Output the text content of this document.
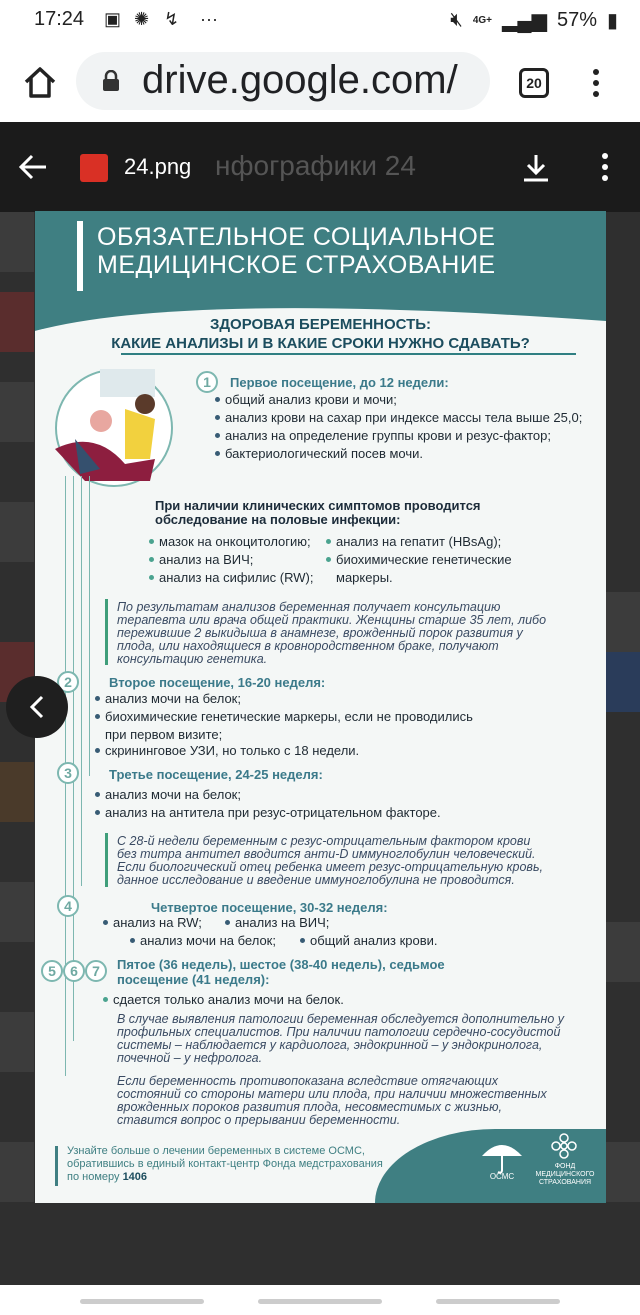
17:24 ▣ ✺ ↯ ···	🔇︎ 4G+ ▂▄▆ 57% ▮
drive.google.com/	20
нфографики 24
24.png
ОБЯЗАТЕЛЬНОЕ СОЦИАЛЬНОЕ
МЕДИЦИНСКОЕ СТРАХОВАНИЕ
ЗДОРОВАЯ БЕРЕМЕННОСТЬ:
КАКИЕ АНАЛИЗЫ И В КАКИЕ СРОКИ НУЖНО СДАВАТЬ?
1	Первое посещение, до 12 недели:
общий анализ крови и мочи;
анализ крови на сахар при индексе массы тела выше 25,0;
анализ на определение группы крови и резус-фактор;
бактериологический посев мочи.
При наличии клинических симптомов проводится
обследование на половые инфекции:
мазок на онкоцитологию;
анализ на ВИЧ;
анализ на сифилис (RW);
анализ на гепатит (HBsAg);
биохимические генетические
маркеры.
По результатам анализов беременная получает консультацию
терапевта или врача общей практики. Женщины старше 35 лет, либо
пережившие 2 выкидыша в анамнезе, врожденный порок развития у
плода, или находящиеся в кровнородственном браке, получают
консультацию генетика.
2	Второе посещение, 16-20 неделя:
анализ мочи на белок;
биохимические генетические маркеры, если не проводились
при первом визите;
скрининговое УЗИ, но только с 18 недели.
3	Третье посещение, 24-25 неделя:
анализ мочи на белок;
анализ на антитела при резус-отрицательном факторе.
С 28-й недели беременным с резус-отрицательным фактором крови
без титра антител вводится анти-D иммуноглобулин человеческий.
Если биологический отец ребенка имеет резус-отрицательную кровь,
данное исследование и введение иммуноглобулина не проводится.
4	Четвертое посещение, 30-32 неделя:
анализ на RW;	анализ на ВИЧ;
анализ мочи на белок;	общий анализ крови.
5	6	7	Пятое (36 недель), шестое (38-40 недель), седьмое
посещение (41 неделя):
сдается только анализ мочи на белок.
В случае выявления патологии беременная обследуется дополнительно у
профильных специалистов. При наличии патологии сердечно-сосудистой
системы – наблюдается у кардиолога, эндокринной – у эндокринолога,
почечной – у нефролога.
Если беременность противопоказана вследствие отягчающих
состояний со стороны матери или плода, при наличии множественных
врожденных пороков развития плода, несовместимых с жизнью,
ставится вопрос о прерывании беременности.
Узнайте больше о лечении беременных в системе ОСМС,
обратившись в единый контакт-центр Фонда медстрахования
по номеру 1406	ОСМС
ФОНД
МЕДИЦИНСКОГО
СТРАХОВАНИЯ
